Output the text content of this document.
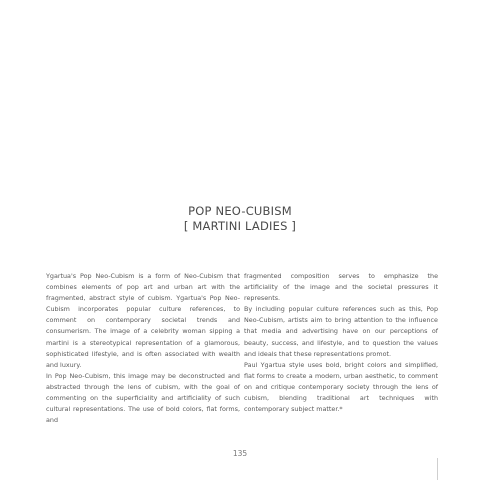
POP NEO-CUBISM
[ MARTINI LADIES ]

Ygartua's Pop Neo-Cubism is a form of Neo-Cubism that combines elements of pop art and urban art with the fragmented, abstract style of cubism. Ygartua's Pop Neo-Cubism incorporates popular culture references, to comment on contemporary societal trends and consumerism. The image of a celebrity woman sipping a martini is a stereotypical representation of a glamorous, sophisticated lifestyle, and is often associated with wealth and luxury.

In Pop Neo-Cubism, this image may be deconstructed and abstracted through the lens of cubism, with the goal of commenting on the superficiality and artificiality of such cultural representations. The use of bold colors, flat forms, and

fragmented composition serves to emphasize the artificiality of the image and the societal pressures it represents.

By including popular culture references such as this, Pop Neo-Cubism, artists aim to bring attention to the influence that media and advertising have on our perceptions of beauty, success, and lifestyle, and to question the values and ideals that these representations promot.

Paul Ygartua style uses bold, bright colors and simplified, flat forms to create a modern, urban aesthetic, to comment on and critique contemporary society through the lens of cubism, blending traditional art techniques with contemporary subject matter.*

135
